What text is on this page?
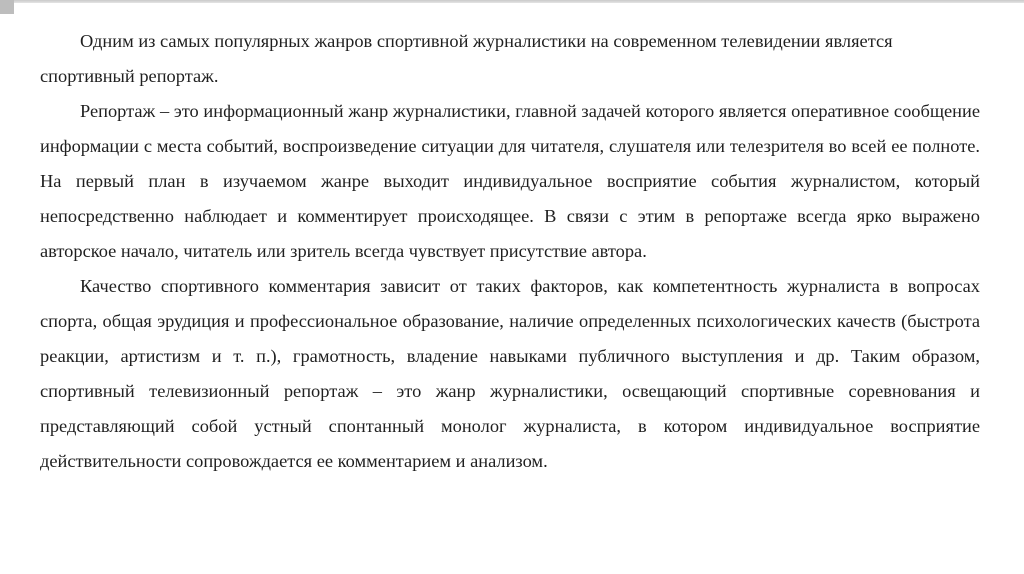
Одним из самых популярных жанров спортивной журналистики на современном телевидении является спортивный репортаж.

Репортаж – это информационный жанр журналистики, главной задачей которого является оперативное сообщение информации с места событий, воспроизведение ситуации для читателя, слушателя или телезрителя во всей ее полноте. На первый план в изучаемом жанре выходит индивидуальное восприятие события журналистом, который непосредственно наблюдает и комментирует происходящее. В связи с этим в репортаже всегда ярко выражено авторское начало, читатель или зритель всегда чувствует присутствие автора.

Качество спортивного комментария зависит от таких факторов, как компетентность журналиста в вопросах спорта, общая эрудиция и профессиональное образование, наличие определенных психологических качеств (быстрота реакции, артистизм и т. п.), грамотность, владение навыками публичного выступления и др. Таким образом, спортивный телевизионный репортаж – это жанр журналистики, освещающий спортивные соревнования и представляющий собой устный спонтанный монолог журналиста, в котором индивидуальное восприятие действительности сопровождается ее комментарием и анализом.
